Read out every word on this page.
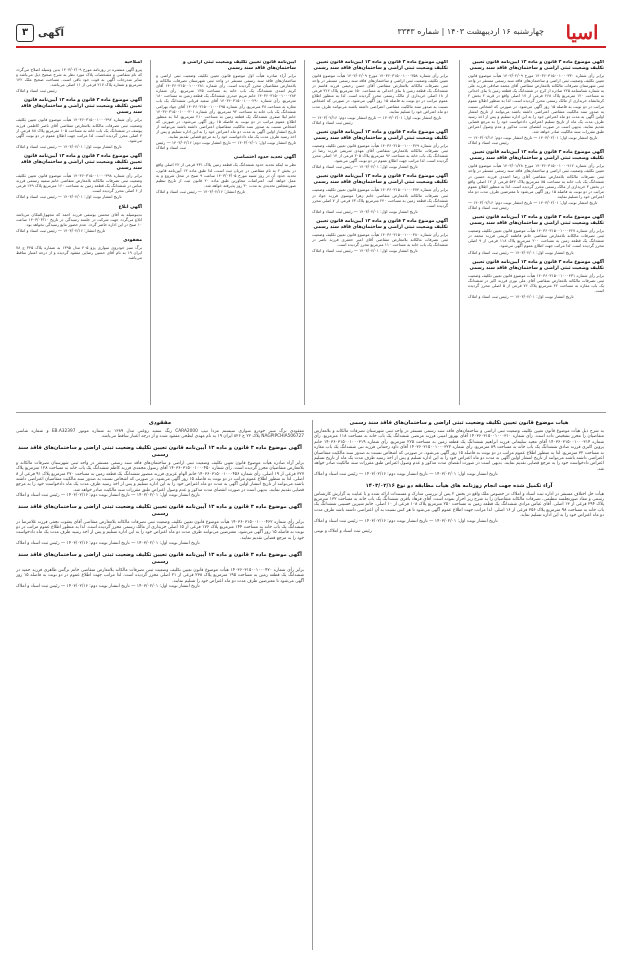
اسیا
چهارشنبه ۱۶ اردیبهشت ۱۴۰۳ | شماره ۳۳۴۳
آگهی
۳
آگهی موضوع ماده ۳ قانون و ماده ۱۳ آیین‌نامه قانون تعیین تکلیف وضعیت ثبتی اراضی و ساختمان‌های فاقد سند رسمی
برابر رأی شماره ۱۴۰۳۶۰۳۱۵۰۰۱۰۰۰۳۳۰ مورخ ۱۴۰۳/۰۲/۰۹ هیأت موضوع قانون تعیین تکلیف وضعیت ثبتی اراضی و ساختمان‌های فاقد سند رسمی مستقر در واحد ثبتی شهرستان تصرفات مالکانه بلامعارض متقاضی آقای محمد صادقی فرزند علی به شماره شناسنامه ۲۲۵ صادره از کرج در ششدانگ یک قطعه زمین با بنای احداثی به مساحت ۱۲۰ مترمربع پلاک ۲۶۸ فرعی از ۱۷ اصلی واقع در قریه ۲ بخش ۲ کرمانشاه خریداری از مالک رسمی محرز گردیده است. لذا به منظور اطلاع عموم مراتب در دو نوبت به فاصله ۱۵ روز آگهی می‌شود. در صورتی که اشخاص نسبت به صدور سند مالکیت متقاضی اعتراضی داشته باشند می‌توانند از تاریخ انتشار اولین آگهی به مدت دو ماه اعتراض خود را به این اداره تسلیم و پس از اخذ رسید ظرف مدت یک ماه از تاریخ تسلیم اعتراض، دادخواست خود را به مرجع قضایی تقدیم نمایند. بدیهی است در صورت انقضای مدت مذکور و عدم وصول اعتراض طبق مقررات سند مالکیت صادر خواهد شد.
تاریخ انتشار نوبت اول: ۱۴۰۳/۰۲/۰۱ — تاریخ انتشار نوبت دوم: ۱۴۰۳/۰۲/۱۶ — رئیس ثبت اسناد و املاک
آگهی موضوع ماده ۳ قانون و ماده ۱۳ آیین‌نامه قانون تعیین تکلیف وضعیت ثبتی اراضی و ساختمان‌های فاقد سند رسمی
برابر رأی شماره ۱۴۰۳۶۰۳۱۵۰۰۱۰۰۰۴۱۲ مورخ ۱۴۰۳/۰۱/۲۸ هیأت موضوع قانون تعیین تکلیف وضعیت ثبتی اراضی و ساختمان‌های فاقد سند رسمی مستقر در واحد ثبتی تصرفات مالکانه بلامعارض متقاضی آقای رضا احمدی فرزند حسین در ششدانگ یک باب خانه به مساحت ۸۵ مترمربع پلاک ۵۴۲ فرعی از ۱۲ اصلی واقع در بخش ۳ خریداری از مالک رسمی محرز گردیده است. لذا به منظور اطلاع عموم مراتب در دو نوبت به فاصله ۱۵ روز آگهی می‌شود تا معترضین ظرف مدت دو ماه اعتراض خود را تسلیم نمایند.
تاریخ انتشار نوبت اول: ۱۴۰۳/۰۲/۰۱ — تاریخ انتشار نوبت دوم: ۱۴۰۳/۰۲/۱۶ — رئیس ثبت اسناد و املاک
آگهی موضوع ماده ۳ قانون و ماده ۱۳ آیین‌نامه قانون تعیین تکلیف وضعیت ثبتی اراضی و ساختمان‌های فاقد سند رسمی
برابر رأی شماره ۱۴۰۳۶۰۳۱۵۰۰۱۰۰۰۴۲۷ هیأت موضوع قانون تعیین تکلیف وضعیت ثبتی تصرفات مالکانه بلامعارض متقاضی خانم فاطمه کریمی فرزند محمد در ششدانگ یک قطعه زمین به مساحت ۲۰۰ مترمربع پلاک ۱۱۸ فرعی از ۹ اصلی محرز گردیده است. لذا مراتب جهت اطلاع عموم آگهی می‌شود.
تاریخ انتشار نوبت اول: ۱۴۰۳/۰۲/۰۱ — رئیس ثبت اسناد و املاک
آگهی موضوع ماده ۳ قانون و ماده ۱۳ آیین‌نامه قانون تعیین تکلیف وضعیت ثبتی اراضی و ساختمان‌های فاقد سند رسمی
برابر رأی شماره ۱۴۰۳۶۰۳۱۵۰۰۱۰۰۰۴۳۱ هیأت موضوع قانون تعیین تکلیف وضعیت ثبتی تصرفات مالکانه بلامعارض متقاضی آقای علی نوری فرزند اکبر در ششدانگ یک باب مغازه به مساحت ۴۲ مترمربع پلاک ۷۶ فرعی از ۵ اصلی محرز گردیده است.
تاریخ انتشار نوبت اول: ۱۴۰۳/۰۲/۰۱ — رئیس ثبت اسناد و املاک
آگهی موضوع ماده ۳ قانون و ماده ۱۳ آیین‌نامه قانون تعیین تکلیف وضعیت ثبتی اراضی و ساختمان‌های فاقد سند رسمی
برابر رأی شماره ۱۴۰۳۶۰۳۱۵۰۰۱۰۰۰۳۵۸ مورخ ۱۴۰۳/۰۲/۰۹ هیأت موضوع قانون تعیین تکلیف وضعیت ثبتی اراضی و ساختمان‌های فاقد سند رسمی مستقر در واحد ثبتی تصرفات مالکانه بلامعارض متقاضی آقای حسن رحیمی فرزند قاسم در ششدانگ یک قطعه زمین با بنای احداثی به مساحت ۱۵۰ مترمربع پلاک ۳۱۲ فرعی از ۱۸ اصلی خریداری از مالک رسمی محرز گردیده است. لذا به منظور اطلاع عموم مراتب در دو نوبت به فاصله ۱۵ روز آگهی می‌شود. در صورتی که اشخاص نسبت به صدور سند مالکیت متقاضی اعتراضی داشته باشند می‌توانند ظرف مدت دو ماه اعتراض خود را تسلیم نمایند.
تاریخ انتشار نوبت اول: ۱۴۰۳/۰۲/۰۱ — تاریخ انتشار نوبت دوم: ۱۴۰۳/۰۲/۱۶ — رئیس ثبت اسناد و املاک
آگهی موضوع ماده ۳ قانون و ماده ۱۳ آیین‌نامه قانون تعیین تکلیف وضعیت ثبتی اراضی و ساختمان‌های فاقد سند رسمی
برابر رأی شماره ۱۴۰۳۶۰۳۱۵۰۰۱۰۰۰۳۶۹ هیأت موضوع قانون تعیین تکلیف وضعیت ثبتی تصرفات مالکانه بلامعارض متقاضی آقای مهدی شریفی فرزند رضا در ششدانگ یک باب خانه به مساحت ۹۶ مترمربع پلاک ۲۰۵ فرعی از ۱۴ اصلی محرز گردیده است. لذا مراتب جهت اطلاع عموم در دو نوبت آگهی می‌شود.
تاریخ انتشار نوبت اول: ۱۴۰۳/۰۲/۰۱ — رئیس ثبت اسناد و املاک
آگهی موضوع ماده ۳ قانون و ماده ۱۳ آیین‌نامه قانون تعیین تکلیف وضعیت ثبتی اراضی و ساختمان‌های فاقد سند رسمی
برابر رأی شماره ۱۴۰۳۶۰۳۱۵۰۰۱۰۰۰۳۷۴ هیأت موضوع قانون تعیین تکلیف وضعیت ثبتی تصرفات مالکانه بلامعارض متقاضی خانم زهرا موسوی فرزند جواد در ششدانگ یک قطعه زمین به مساحت ۲۴۰ مترمربع پلاک ۶۳ فرعی از ۷ اصلی محرز گردیده است.
تاریخ انتشار نوبت اول: ۱۴۰۳/۰۲/۰۱ — رئیس ثبت اسناد و املاک
آگهی موضوع ماده ۳ قانون و ماده ۱۳ آیین‌نامه قانون تعیین تکلیف وضعیت ثبتی اراضی و ساختمان‌های فاقد سند رسمی
برابر رأی شماره ۱۴۰۳۶۰۳۱۵۰۰۱۰۰۰۳۸۰ هیأت موضوع قانون تعیین تکلیف وضعیت ثبتی تصرفات مالکانه بلامعارض متقاضی آقای امیر جعفری فرزند ناصر در ششدانگ یک باب خانه به مساحت ۱۱۰ مترمربع محرز گردیده است.
تاریخ انتشار نوبت اول: ۱۴۰۳/۰۲/۰۱ — رئیس ثبت اسناد و املاک
آیین‌نامه قانون تعیین تکلیف وضعیت ثبتی اراضی و ساختمان‌های فاقد سند رسمی
برابر آراء صادره هیأت اول موضوع قانون تعیین تکلیف وضعیت ثبتی اراضی و ساختمان‌های فاقد سند رسمی مستقر در واحد ثبتی شهرستان تصرفات مالکانه و بلامعارض متقاضیان محرز گردیده است. رأی شماره ۱۴۰۳۶۰۳۱۵۰۰۱۰۰۰۲۸۱ آقای کریم اسدی ششدانگ یک باب خانه به مساحت ۱۳۵ مترمربع. رأی شماره ۱۴۰۳۶۰۳۱۵۰۰۱۰۰۰۲۸۴ خانم مریم حیدری ششدانگ یک قطعه زمین به مساحت ۱۸۰ مترمربع. رأی شماره ۱۴۰۳۶۰۳۱۵۰۰۱۰۰۰۲۹۰ آقای سعید قربانی ششدانگ یک باب مغازه به مساحت ۳۸ مترمربع. رأی شماره ۱۴۰۳۶۰۳۱۵۰۰۱۰۰۰۲۹۵ آقای جواد بهرامی ششدانگ یک باب خانه به مساحت ۹۲ مترمربع. رأی شماره ۱۴۰۳۶۰۳۱۵۰۰۱۰۰۰۳۰۱ خانم لیلا صفری ششدانگ یک قطعه زمین به مساحت ۲۱۰ مترمربع. لذا به منظور اطلاع عموم مراتب در دو نوبت به فاصله ۱۵ روز آگهی می‌شود. در صورتی که اشخاص نسبت به صدور سند مالکیت متقاضیان اعتراضی داشته باشند می‌توانند از تاریخ انتشار اولین آگهی به مدت دو ماه اعتراض خود را به این اداره تسلیم و پس از اخذ رسید ظرف مدت یک ماه دادخواست خود را به مرجع قضایی تقدیم نمایند.
تاریخ انتشار نوبت اول: ۱۴۰۳/۰۲/۰۱ — تاریخ انتشار نوبت دوم: ۱۴۰۳/۰۲/۱۶ — رئیس ثبت اسناد و املاک
آگهی تحدید حدود اختصاصی
نظر به اینکه تحدید حدود ششدانگ یک قطعه زمین پلاک ۴۳۱ فرعی از ۲۲ اصلی واقع در بخش ۲ به نام متقاضی در جریان ثبت است، لذا طبق ماده ۱۳ آیین‌نامه قانون، تحدید حدود آن در روز شنبه مورخ ۱۴۰۳/۰۳/۰۵ ساعت ۹ صبح در محل شروع و به عمل خواهد آمد. اعتراضات مجاورین طبق ماده ۲۰ قانون ثبت از تاریخ تنظیم صورتمجلس تحدیدی به مدت ۳۰ روز پذیرفته خواهد شد.
تاریخ انتشار: ۱۴۰۳/۰۲/۱۶ — رئیس ثبت اسناد و املاک
اصلاحیه
پیرو آگهی منتشره در روزنامه مورخ ۱۴۰۳/۰۲/۰۹ بدین وسیله اصلاح می‌گردد که نام متقاضی و مشخصات پلاک مورد نظر به شرح صحیح ذیل می‌باشد و سایر مندرجات آگهی به قوت خود باقی است. مساحت صحیح ملک ۱۴۲ مترمربع و شماره پلاک ۲۱۷ فرعی از ۱۱ اصلی می‌باشد.
رئیس ثبت اسناد و املاک
آگهی موضوع ماده ۳ قانون و ماده ۱۳ آیین‌نامه قانون تعیین تکلیف وضعیت ثبتی اراضی و ساختمان‌های فاقد سند رسمی
برابر رأی شماره ۱۴۰۳۶۰۳۱۵۰۰۱۰۰۰۳۹۲ هیأت موضوع قانون تعیین تکلیف وضعیت ثبتی تصرفات مالکانه بلامعارض متقاضی آقای ناصر کاظمی فرزند یوسف در ششدانگ یک باب خانه به مساحت ۱۰۵ مترمربع پلاک ۸۸ فرعی از ۴ اصلی محرز گردیده است. لذا مراتب جهت اطلاع عموم در دو نوبت آگهی می‌شود.
تاریخ انتشار نوبت اول: ۱۴۰۳/۰۲/۰۱ — رئیس ثبت اسناد و املاک
آگهی موضوع ماده ۳ قانون و ماده ۱۳ آیین‌نامه قانون تعیین تکلیف وضعیت ثبتی اراضی و ساختمان‌های فاقد سند رسمی
برابر رأی شماره ۱۴۰۳۶۰۳۱۵۰۰۱۰۰۰۳۹۸ هیأت موضوع قانون تعیین تکلیف وضعیت ثبتی تصرفات مالکانه بلامعارض متقاضی خانم سمیه رستمی فرزند عباس در ششدانگ یک قطعه زمین به مساحت ۱۶۰ مترمربع پلاک ۱۴۹ فرعی از ۶ اصلی محرز گردیده است.
تاریخ انتشار نوبت اول: ۱۴۰۳/۰۲/۰۱ — رئیس ثبت اسناد و املاک
آگهی ابلاغ
بدینوسیله به آقای محسن یوسفی فرزند احمد که مجهول‌المکان می‌باشد ابلاغ می‌گردد جهت شرکت در جلسه رسیدگی در تاریخ ۱۴۰۳/۰۳/۱۰ ساعت ۱۰ صبح در این اداره حاضر گردد. عدم حضور مانع رسیدگی نخواهد بود.
تاریخ انتشار: ۱۴۰۳/۰۲/۱۶ — رئیس ثبت اسناد و املاک
مفقودی
برگ سبز خودروی سواری پژو ۴۰۵ مدل ۱۳۹۵ به شماره پلاک ۳۴۵ ج ۷۸ ایران ۱۹ به نام آقای حسین رضایی مفقود گردیده و از درجه اعتبار ساقط می‌باشد.
هیات موضوع قانون تعیین تکلیف وضعیت ثبتی اراضی و ساختمان‌های فاقد سند رسمی
به شرح ذیل هیأت موضوع قانون تعیین تکلیف وضعیت ثبتی اراضی و ساختمان‌های فاقد سند رسمی مستقر در واحد ثبتی شهرستان تصرفات مالکانه و بلامعارض متقاضیان را محرز تشخیص داده است. رأی شماره ۱۴۰۳۶۰۳۱۵۰۰۱۰۰۰۳۱۰ آقای بهروز امینی فرزند مرتضی ششدانگ یک باب خانه به مساحت ۱۱۸ مترمربع. رأی شماره ۱۴۰۳۶۰۳۱۵۰۰۱۰۰۰۳۱۴ آقای مجید سلیمانی فرزند ابراهیم ششدانگ یک قطعه زمین به مساحت ۲۲۵ مترمربع. رأی شماره ۱۴۰۳۶۰۳۱۵۰۰۱۰۰۰۳۱۹ خانم پروین اکبری فرزند صادق ششدانگ یک باب خانه به مساحت ۸۹ مترمربع. رأی شماره ۱۴۰۳۶۰۳۱۵۰۰۱۰۰۰۳۲۲ آقای داود رحمانی فرزند نبی ششدانگ یک باب مغازه به مساحت ۳۲ مترمربع. لذا به منظور اطلاع عموم مراتب در دو نوبت به فاصله ۱۵ روز آگهی می‌شود. در صورتی که اشخاص نسبت به صدور سند مالکیت متقاضیان اعتراضی داشته باشند می‌توانند از تاریخ انتشار اولین آگهی به مدت دو ماه اعتراض خود را به این اداره تسلیم و پس از اخذ رسید ظرف مدت یک ماه از تاریخ تسلیم اعتراض دادخواست خود را به مرجع قضایی تقدیم نمایند. بدیهی است در صورت انقضای مدت مذکور و عدم وصول اعتراض طبق مقررات سند مالکیت صادر خواهد شد.
تاریخ انتشار نوبت اول: ۱۴۰۳/۰۲/۰۱ — تاریخ انتشار نوبت دوم: ۱۴۰۳/۰۲/۱۶ — رئیس ثبت اسناد و املاک
آراء تکمیل شده جهت انجام روزنامه های هیأت مطابقه دو نوع ۱۴۰۳/۰۲/۱۶
هیأت حل اختلاف مستقر در اداره ثبت اسناد و املاک در خصوص ملک واقع در بخش ۲ پس از بررسی مدارک و مستندات ارائه شده و با عنایت به گزارش کارشناس رسمی و مفاد صورتجلسه تنظیمی، تصرفات مالکانه متقاضیان را به شرح زیر احراز نموده است. آقای فرهاد باقری ششدانگ یک باب خانه به مساحت ۱۳۲ مترمربع پلاک ۲۹۴ فرعی از ۱۳ اصلی. آقای عباس مرادی ششدانگ یک قطعه زمین به مساحت ۲۵۰ مترمربع پلاک ۱۰۸ فرعی از ۱۰ اصلی. خانم شیرین حسینی ششدانگ یک باب خانه به مساحت ۹۸ مترمربع پلاک ۳۵۶ فرعی از ۱۶ اصلی. لذا مراتب جهت اطلاع عموم آگهی می‌شود تا هر کس نسبت به آن اعتراضی داشته باشد ظرف مدت دو ماه اعتراض خود را به این اداره تسلیم نماید.
تاریخ انتشار نوبت اول: ۱۴۰۳/۰۲/۰۱ — تاریخ انتشار نوبت دوم: ۱۴۰۳/۰۲/۱۶ — رئیس ثبت اسناد و املاک
رئیس ثبت اسناد و املاک و نوبتی
مفقودی
مفقودی برگ سبز خودرو سواری سیستم مزدا تیپ CARA2000 رنگ سفید روغنی مدل ۱۳۸۹ به شماره موتور EB.A32397 و شماره شاسی NAGPIPCHIA506727 پلاک ۲۲ ج ۸۲۶ ایران ۱۹ به نام مهدی ابطحی مفقود شده و از درجه اعتبار ساقط می‌باشد.
آگهی موضوع ماده ۳ قانون و ماده ۱۳ آیین‌نامه قانون تعیین تکلیف وضعیت ثبتی اراضی و ساختمان‌های فاقد سند رسمی
برابر آراء صادره هیأت موضوع قانون تعیین تکلیف وضعیت ثبتی اراضی و ساختمان‌های فاقد سند رسمی مستقر در واحد ثبتی شهرستان تصرفات مالکانه و بلامعارض متقاضیان محرز گردیده است. رأی شماره ۱۴۰۳۶۰۳۱۵۰۰۱۰۰۰۴۵۰ آقای رسول محمدی فرزند کاظم ششدانگ یک باب خانه به مساحت ۱۲۸ مترمربع پلاک ۳۲۷ فرعی از ۱۹ اصلی. رأی شماره ۱۴۰۳۶۰۳۱۵۰۰۱۰۰۰۴۵۶ خانم الهام عزیزی فرزند منصور ششدانگ یک قطعه زمین به مساحت ۲۷۰ مترمربع پلاک ۹۱ فرعی از ۸ اصلی. لذا به منظور اطلاع عموم مراتب در دو نوبت به فاصله ۱۵ روز آگهی می‌شود. در صورتی که اشخاص نسبت به صدور سند مالکیت متقاضیان اعتراضی داشته باشند می‌توانند از تاریخ انتشار اولین آگهی به مدت دو ماه اعتراض خود را به این اداره تسلیم و پس از اخذ رسید ظرف مدت یک ماه دادخواست خود را به مرجع قضایی تقدیم نمایند. بدیهی است در صورت انقضای مدت مذکور و عدم وصول اعتراض طبق مقررات سند مالکیت صادر خواهد شد.
تاریخ انتشار نوبت اول: ۱۴۰۳/۰۲/۰۱ — تاریخ انتشار نوبت دوم: ۱۴۰۳/۰۲/۱۶ — رئیس ثبت اسناد و املاک
آگهی موضوع ماده ۳ قانون و ماده ۱۳ آیین‌نامه قانون تعیین تکلیف وضعیت ثبتی اراضی و ساختمان‌های فاقد سند رسمی
برابر رأی شماره ۱۴۰۳۶۰۳۱۵۰۰۱۰۰۰۴۶۲ هیأت موضوع قانون تعیین تکلیف وضعیت ثبتی تصرفات مالکانه بلامعارض متقاضی آقای یعقوب نجفی فرزند غلامرضا در ششدانگ یک باب خانه به مساحت ۱۴۴ مترمربع پلاک ۱۷۶ فرعی از ۱۵ اصلی خریداری از مالک رسمی محرز گردیده است. لذا به منظور اطلاع عموم مراتب در دو نوبت به فاصله ۱۵ روز آگهی می‌شود. معترضین می‌توانند ظرف مدت دو ماه اعتراض خود را به این اداره تسلیم و پس از اخذ رسید ظرف مدت یک ماه دادخواست خود را به مرجع قضایی تقدیم نمایند.
تاریخ انتشار نوبت اول: ۱۴۰۳/۰۲/۰۱ — تاریخ انتشار نوبت دوم: ۱۴۰۳/۰۲/۱۶ — رئیس ثبت اسناد و املاک
آگهی موضوع ماده ۳ قانون و ماده ۱۳ آیین‌نامه قانون تعیین تکلیف وضعیت ثبتی اراضی و ساختمان‌های فاقد سند رسمی
برابر رأی شماره ۱۴۰۳۶۰۳۱۵۰۰۱۰۰۰۴۷۰ هیأت موضوع قانون تعیین تکلیف وضعیت ثبتی تصرفات مالکانه بلامعارض متقاضی خانم نرگس طاهری فرزند حمید در ششدانگ یک قطعه زمین به مساحت ۱۹۵ مترمربع پلاک ۲۳۸ فرعی از ۲۱ اصلی محرز گردیده است. لذا مراتب جهت اطلاع عموم در دو نوبت به فاصله ۱۵ روز آگهی می‌شود تا معترضین ظرف مدت دو ماه اعتراض خود را تسلیم نمایند.
تاریخ انتشار نوبت اول: ۱۴۰۳/۰۲/۰۱ — تاریخ انتشار نوبت دوم: ۱۴۰۳/۰۲/۱۶ — رئیس ثبت اسناد و املاک
